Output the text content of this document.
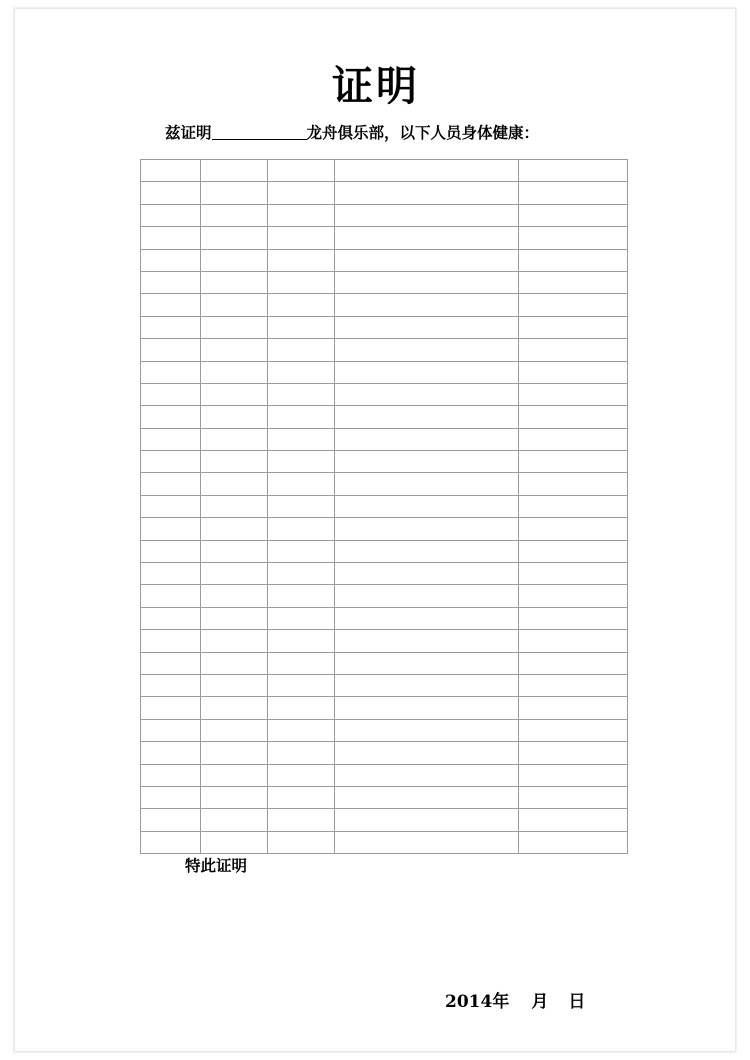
证明
兹证明	龙舟俱乐部，以下人员身体健康：

特此证明
2014年 月 日
